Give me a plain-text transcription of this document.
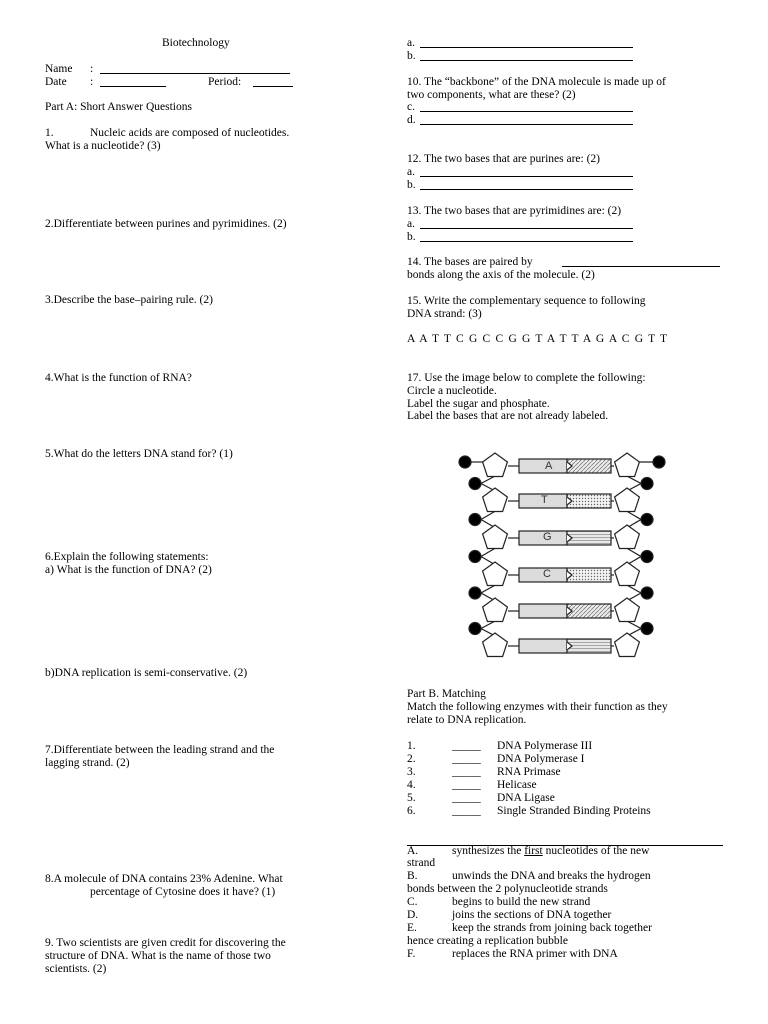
Biotechnology
Name :
Date :	Period:
Part A: Short Answer Questions
1.	Nucleic acids are composed of nucleotides.
What is a nucleotide? (3)
2.Differentiate between purines and pyrimidines. (2)
3.Describe the base–pairing rule. (2)
4.What is the function of RNA?
5.What do the letters DNA stand for? (1)
6.Explain the following statements:
a) What is the function of DNA? (2)
b)DNA replication is semi-conservative. (2)
7.Differentiate between the leading strand and the
lagging strand. (2)
8.A molecule of DNA contains 23% Adenine. What
percentage of Cytosine does it have? (1)
9. Two scientists are given credit for discovering the
structure of DNA. What is the name of those two
scientists. (2)
a.
b.
10. The “backbone” of the DNA molecule is made up of
two components, what are these? (2)
c.
d.
12. The two bases that are purines are: (2)
a.
b.
13. The two bases that are pyrimidines are: (2)
a.
b.
14. The bases are paired by
bonds along the axis of the molecule. (2)
15. Write the complementary sequence to following
DNA strand: (3)
A A T T C G C C G G T A T T A G A C G T T
17. Use the image below to complete the following:
Circle a nucleotide.
Label the sugar and phosphate.
Label the bases that are not already labeled.
A
T
G
C
Part B. Matching
Match the following enzymes with their function as they
relate to DNA replication.
1.	_____ DNA Polymerase III
2.	_____ DNA Polymerase I
3.	_____ RNA Primase
4.	_____ Helicase
5.	_____ DNA Ligase
6.	_____ Single Stranded Binding Proteins
A.	synthesizes the first nucleotides of the new
strand
B.	unwinds the DNA and breaks the hydrogen
bonds between the 2 polynucleotide strands
C.	begins to build the new strand
D.	joins the sections of DNA together
E.	keep the strands from joining back together
hence creating a replication bubble
F.	replaces the RNA primer with DNA
